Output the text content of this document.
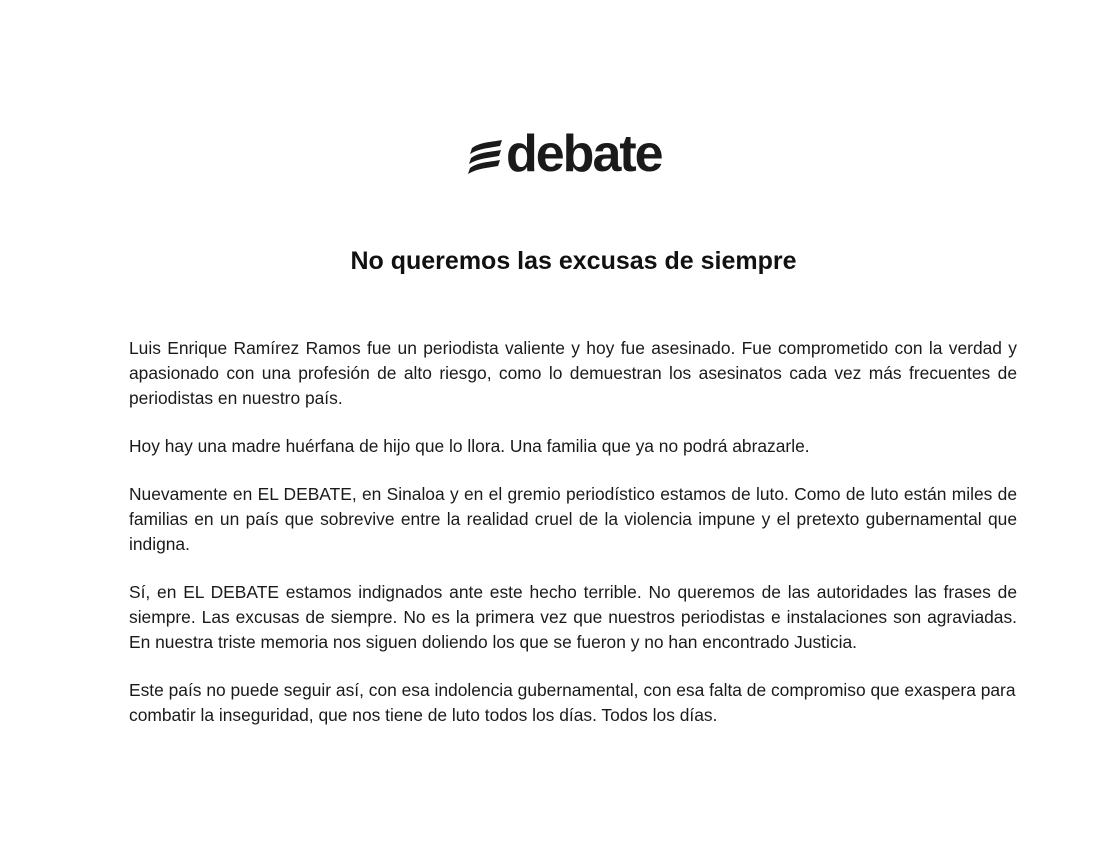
debate
No queremos las excusas de siempre

Luis Enrique Ramírez Ramos fue un periodista valiente y hoy fue asesinado. Fue comprometido con la verdad y apasionado con una profesión de alto riesgo, como lo demuestran los asesinatos cada vez más frecuentes de periodistas en nuestro país.

Hoy hay una madre huérfana de hijo que lo llora. Una familia que ya no podrá abrazarle.

Nuevamente en EL DEBATE, en Sinaloa y en el gremio periodístico estamos de luto. Como de luto están miles de familias en un país que sobrevive entre la realidad cruel de la violencia impune y el pretexto gubernamental que indigna.

Sí, en EL DEBATE estamos indignados ante este hecho terrible. No queremos de las autoridades las frases de siempre. Las excusas de siempre. No es la primera vez que nuestros periodistas e instalaciones son agraviadas. En nuestra triste memoria nos siguen doliendo los que se fueron y no han encontrado Justicia.

Este país no puede seguir así, con esa indolencia gubernamental, con esa falta de compromiso que exaspera para combatir la inseguridad, que nos tiene de luto todos los días. Todos los días.
